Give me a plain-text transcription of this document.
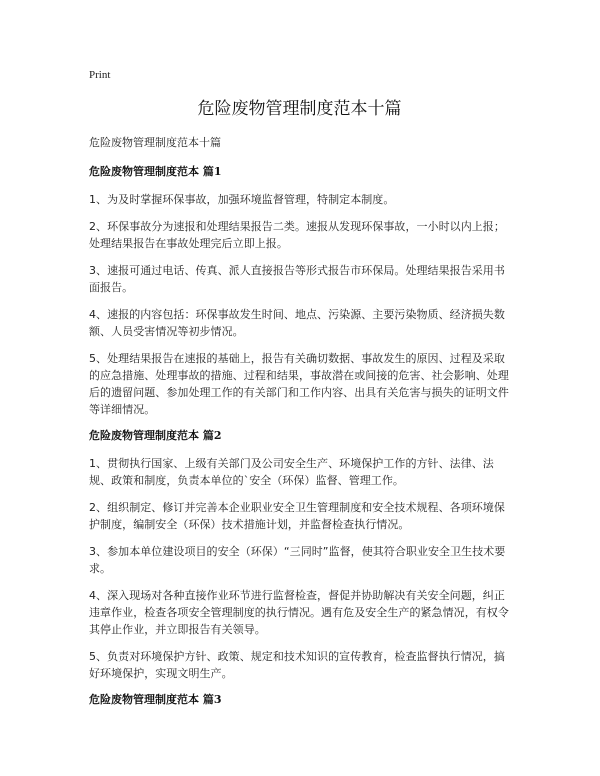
Print
危险废物管理制度范本十篇
危险废物管理制度范本十篇
危险废物管理制度范本 篇1

1、为及时掌握环保事故，加强环境监督管理，特制定本制度。

2、环保事故分为速报和处理结果报告二类。速报从发现环保事故，一小时以内上报；处理结果报告在事故处理完后立即上报。

3、速报可通过电话、传真、派人直接报告等形式报告市环保局。处理结果报告采用书面报告。

4、速报的内容包括：环保事故发生时间、地点、污染源、主要污染物质、经济损失数额、人员受害情况等初步情况。

5、处理结果报告在速报的基础上，报告有关确切数据、事故发生的原因、过程及采取的应急措施、处理事故的措施、过程和结果，事故潜在或间接的危害、社会影响、处理后的遗留问题、参加处理工作的有关部门和工作内容、出具有关危害与损失的证明文件等详细情况。

危险废物管理制度范本 篇2

1、贯彻执行国家、上级有关部门及公司安全生产、环境保护工作的方针、法律、法规、政策和制度，负责本单位的`安全（环保）监督、管理工作。

2、组织制定、修订并完善本企业职业安全卫生管理制度和安全技术规程、各项环境保护制度，编制安全（环保）技术措施计划，并监督检查执行情况。

3、参加本单位建设项目的安全（环保）“三同时”监督，使其符合职业安全卫生技术要求。

4、深入现场对各种直接作业环节进行监督检查，督促并协助解决有关安全问题，纠正违章作业，检查各项安全管理制度的执行情况。遇有危及安全生产的紧急情况，有权令其停止作业，并立即报告有关领导。

5、负责对环境保护方针、政策、规定和技术知识的宣传教育，检查监督执行情况，搞好环境保护，实现文明生产。

危险废物管理制度范本 篇3
